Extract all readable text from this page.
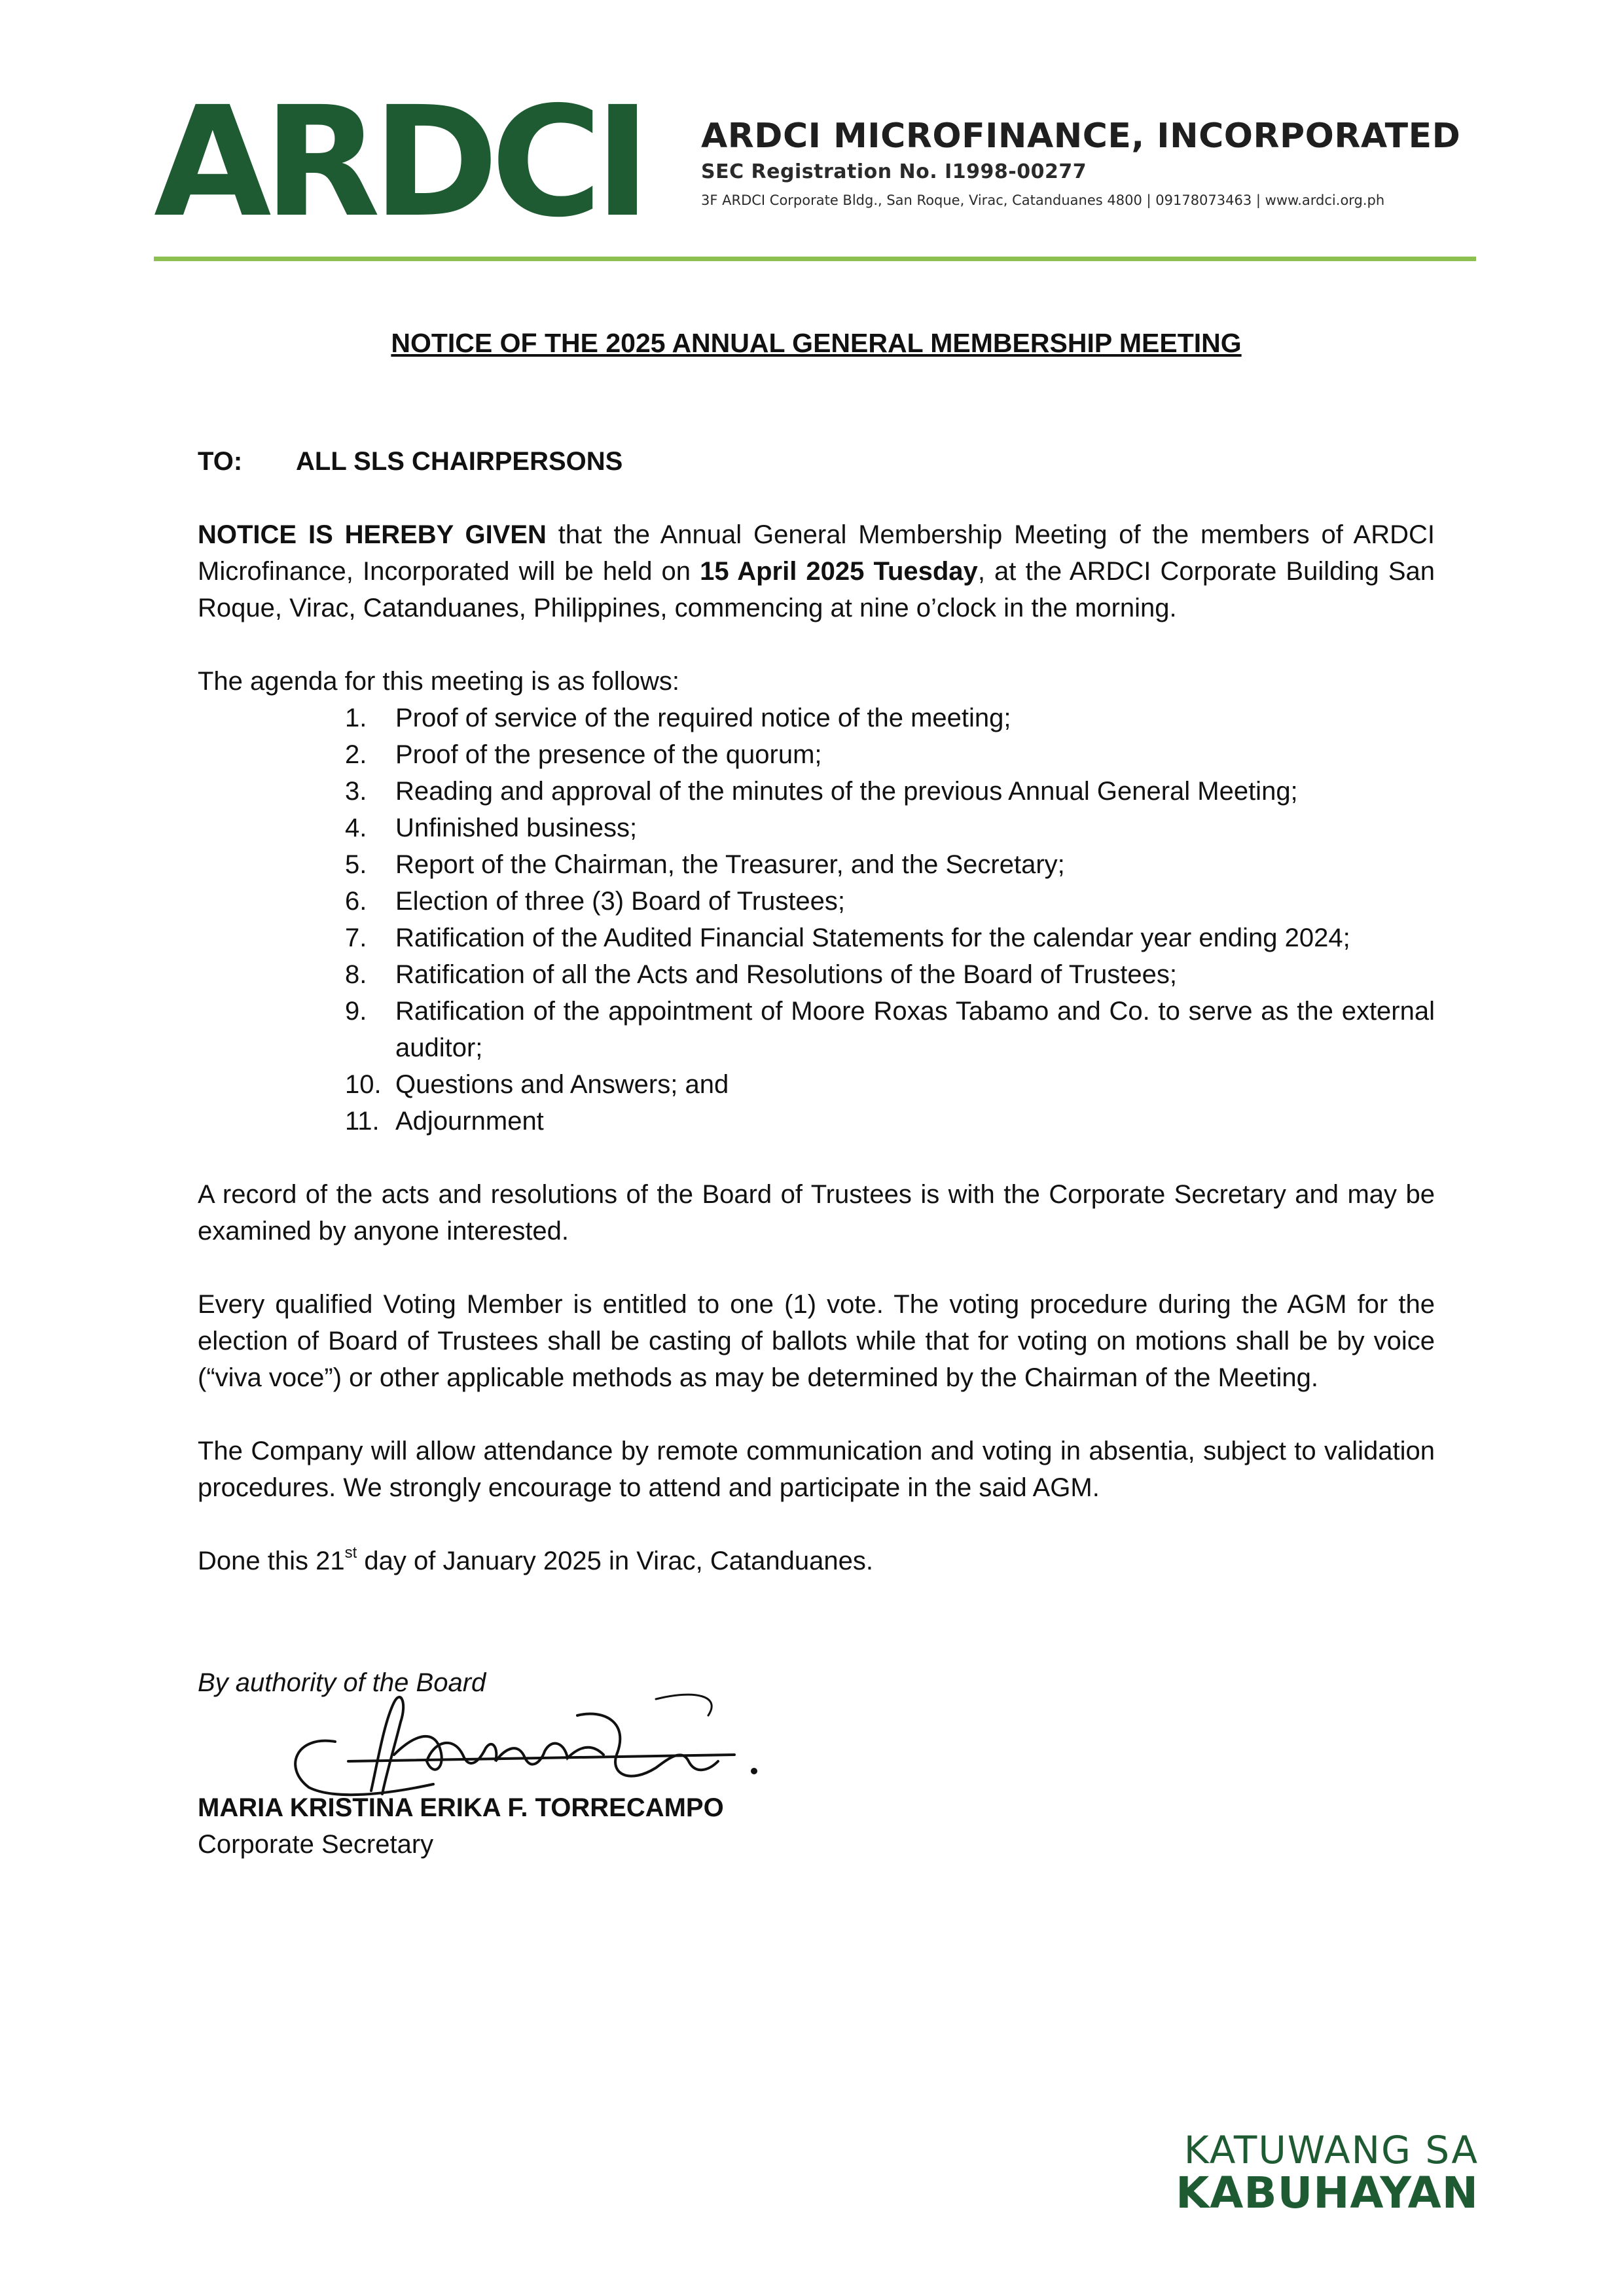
ARDCI ARDCI MICROFINANCE, INCORPORATED
SEC Registration No. I1998-00277
3F ARDCI Corporate Bldg., San Roque, Virac, Catanduanes 4800 | 09178073463 | www.ardci.org.ph
NOTICE OF THE 2025 ANNUAL GENERAL MEMBERSHIP MEETING
TO:	ALL SLS CHAIRPERSONS

NOTICE IS HEREBY GIVEN that the Annual General Membership Meeting of the members of ARDCI Microfinance, Incorporated will be held on 15 April 2025 Tuesday, at the ARDCI Corporate Building San Roque, Virac, Catanduanes, Philippines, commencing at nine o’clock in the morning.

The agenda for this meeting is as follows:
1.	Proof of service of the required notice of the meeting;
2.	Proof of the presence of the quorum;
3.	Reading and approval of the minutes of the previous Annual General Meeting;
4.	Unfinished business;
5.	Report of the Chairman, the Treasurer, and the Secretary;
6.	Election of three (3) Board of Trustees;
7.	Ratification of the Audited Financial Statements for the calendar year ending 2024;
8.	Ratification of all the Acts and Resolutions of the Board of Trustees;
9.	Ratification of the appointment of Moore Roxas Tabamo and Co. to serve as the external auditor;
10. Questions and Answers; and
11. Adjournment

A record of the acts and resolutions of the Board of Trustees is with the Corporate Secretary and may be examined by anyone interested.

Every qualified Voting Member is entitled to one (1) vote. The voting procedure during the AGM for the election of Board of Trustees shall be casting of ballots while that for voting on motions shall be by voice (“viva voce”) or other applicable methods as may be determined by the Chairman of the Meeting.

The Company will allow attendance by remote communication and voting in absentia, subject to validation procedures. We strongly encourage to attend and participate in the said AGM.

Done this 21st day of January 2025 in Virac, Catanduanes.

By authority of the Board
MARIA KRISTINA ERIKA F. TORRECAMPO
Corporate Secretary
KATUWANG SA
KABUHAYAN
